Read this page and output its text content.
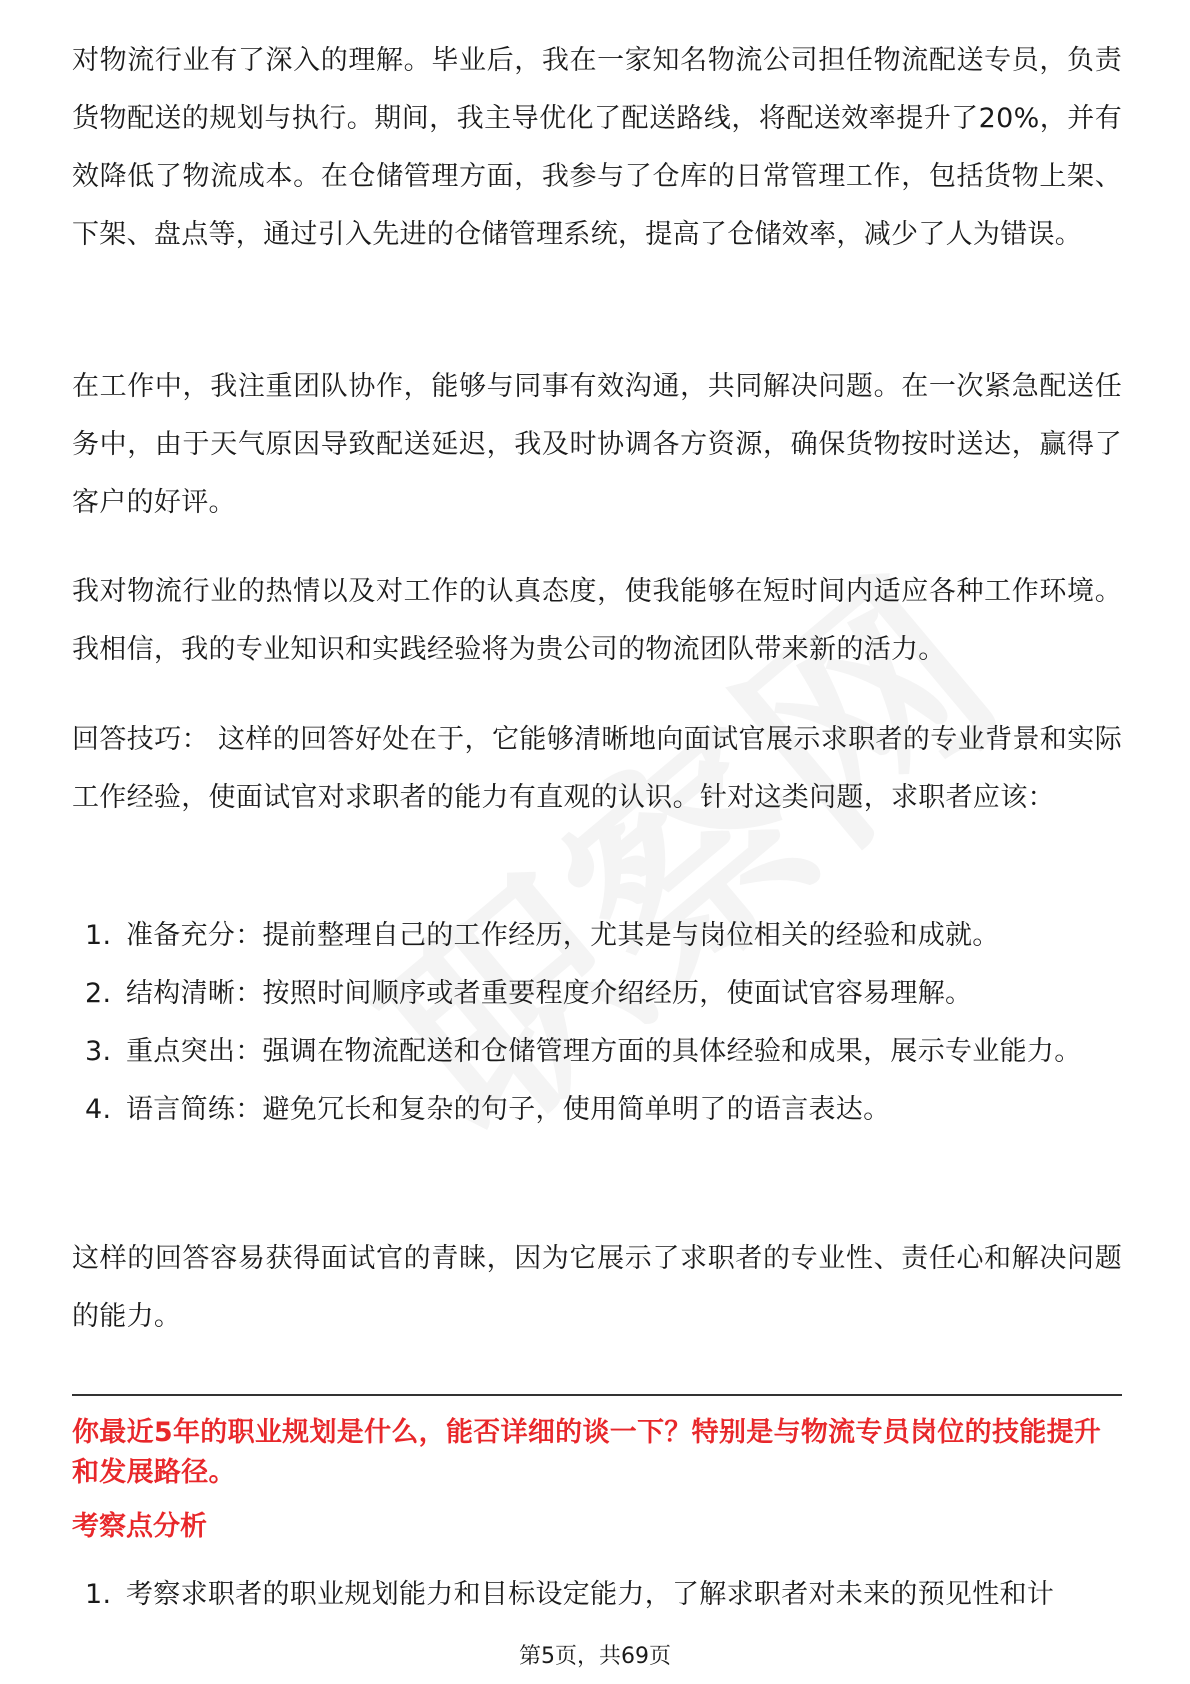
对物流行业有了深入的理解。毕业后，我在一家知名物流公司担任物流配送专员，负责货物配送的规划与执行。期间，我主导优化了配送路线，将配送效率提升了20%，并有效降低了物流成本。在仓储管理方面，我参与了仓库的日常管理工作，包括货物上架、下架、盘点等，通过引入先进的仓储管理系统，提高了仓储效率，减少了人为错误。

在工作中，我注重团队协作，能够与同事有效沟通，共同解决问题。在一次紧急配送任务中，由于天气原因导致配送延迟，我及时协调各方资源，确保货物按时送达，赢得了客户的好评。

我对物流行业的热情以及对工作的认真态度，使我能够在短时间内适应各种工作环境。我相信，我的专业知识和实践经验将为贵公司的物流团队带来新的活力。

回答技巧： 这样的回答好处在于，它能够清晰地向面试官展示求职者的专业背景和实际工作经验，使面试官对求职者的能力有直观的认识。针对这类问题，求职者应该：

1. 准备充分：提前整理自己的工作经历，尤其是与岗位相关的经验和成就。
2. 结构清晰：按照时间顺序或者重要程度介绍经历，使面试官容易理解。
3. 重点突出：强调在物流配送和仓储管理方面的具体经验和成果，展示专业能力。
4. 语言简练：避免冗长和复杂的句子，使用简单明了的语言表达。

这样的回答容易获得面试官的青睐，因为它展示了求职者的专业性、责任心和解决问题的能力。

你最近5年的职业规划是什么，能否详细的谈一下？特别是与物流专员岗位的技能提升和发展路径。

考察点分析

1. 考察求职者的职业规划能力和目标设定能力，了解求职者对未来的预见性和计
第5页，共69页
